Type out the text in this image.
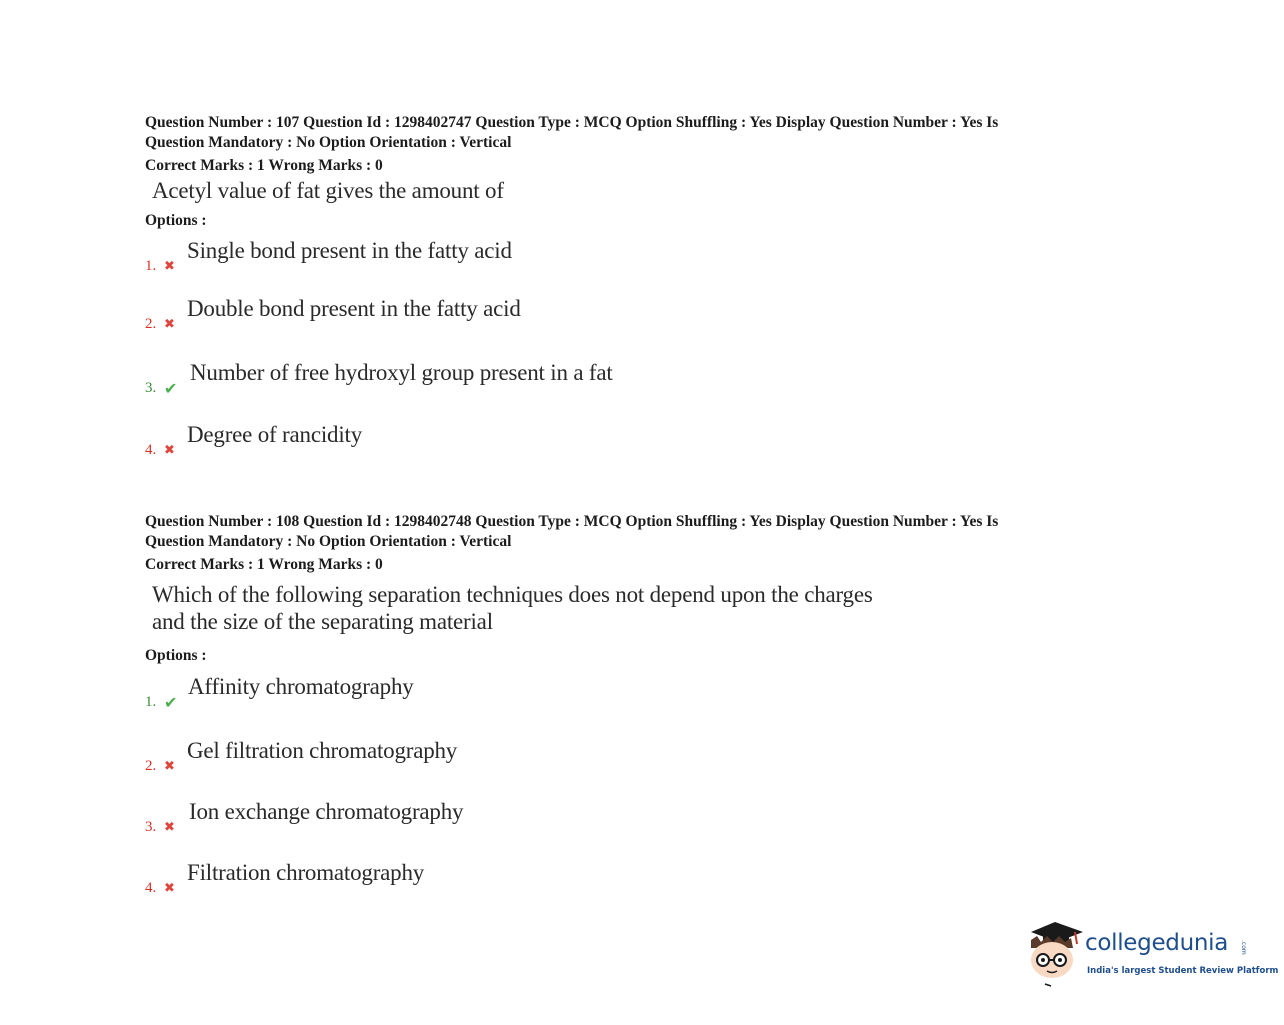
Question Number : 107 Question Id : 1298402747 Question Type : MCQ Option Shuffling : Yes Display Question Number : Yes Is
Question Mandatory : No Option Orientation : Vertical
Correct Marks : 1 Wrong Marks : 0
Acetyl value of fat gives the amount of
Options :
1. ✖
Single bond present in the fatty acid
2. ✖
Double bond present in the fatty acid
3. ✔
Number of free hydroxyl group present in a fat
4. ✖
Degree of rancidity
Question Number : 108 Question Id : 1298402748 Question Type : MCQ Option Shuffling : Yes Display Question Number : Yes Is
Question Mandatory : No Option Orientation : Vertical
Correct Marks : 1 Wrong Marks : 0
Which of the following separation techniques does not depend upon the charges
and the size of the separating material
Options :
1. ✔
Affinity chromatography
2. ✖
Gel filtration chromatography
3. ✖
Ion exchange chromatography
4. ✖
Filtration chromatography
collegedunia .com
India's largest Student Review Platform
